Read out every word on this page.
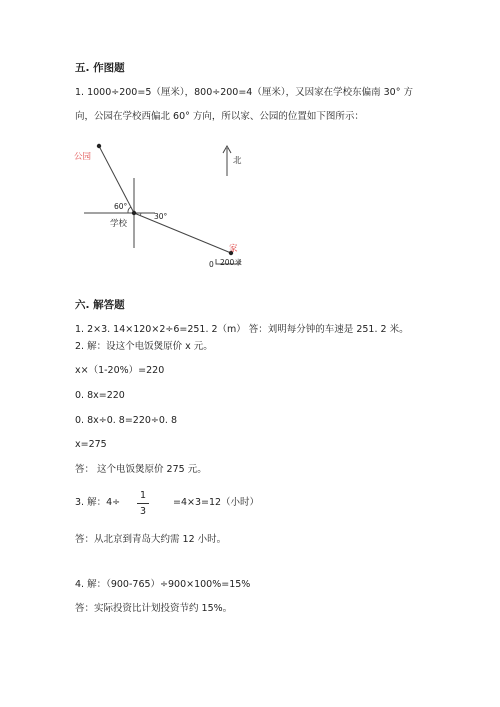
五. 作图题
1. 1000÷200=5（厘米），800÷200=4（厘米），又因家在学校东偏南 30° 方
向，公园在学校西偏北 60° 方向，所以家、公园的位置如下图所示：
公园
学校
家
60°
30°
北
0 200米
六. 解答题
1. 2×3. 14×120×2÷6=251. 2（m） 答：刘明每分钟的车速是 251. 2 米。
2. 解：设这个电饭煲原价 x 元。
x×（1-20%）=220
0. 8x=220
0. 8x÷0. 8=220÷0. 8
x=275
答： 这个电饭煲原价 275 元。
3. 解：4÷
1
3
=4×3=12（小时）
答：从北京到青岛大约需 12 小时。
4. 解：（900-765）÷900×100%=15%
答：实际投资比计划投资节约 15%。
